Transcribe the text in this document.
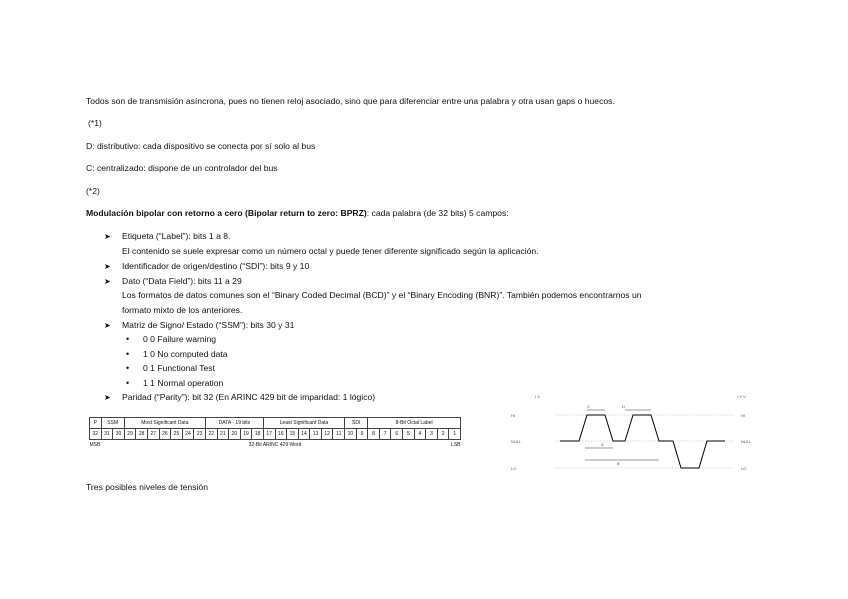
Todos son de transmisión asíncrona, pues no tienen reloj asociado, sino que para diferenciar entre una palabra y otra usan gaps o huecos.
(*1)
D: distributivo: cada dispositivo se conecta por sí solo al bus
C: centralizado: dispone de un controlador del bus
(*2)
Modulación bipolar con retorno a cero (Bipolar return to zero: BPRZ): cada palabra (de 32 bits) 5 campos:
➤ Etiqueta (“Label”): bits 1 a 8.
El contenido se suele expresar como un número octal y puede tener diferente significado según la aplicación.
➤ Identificador de origen/destino (“SDI”): bits 9 y 10
➤ Dato (“Data Field”): bits 11 a 29
Los formatos de datos comunes son el “Binary Coded Decimal (BCD)” y el “Binary Encoding (BNR)”. También podemos encontrarnos un
formato mixto de los anteriores.
➤ Matriz de Signo/ Estado (“SSM”): bits 30 y 31
• 0 0 Failure warning
• 1 0 No computed data
• 0 1 Functional Test
• 1 1 Normal operation
➤ Paridad (“Parity”): bit 32 (En ARINC 429 bit de imparidad: 1 lógico)
P	SSM		Most Significant Data							DATA - 19 bits					Least Significant Data							SDI		8-Bit Octal Label							
32	31	30	29	28	27	26	25	24	23	22	21	20	19	18	17	16	15	14	13	12	11	10	9	8	7	6	5	4	3	2	1
MSB				32-Bit ARINC 429 Word																								LSB			
I X	I X V
HI
NULL
LO
HI
NULL
LO
C	D
A
B
Tres posibles niveles de tensión
